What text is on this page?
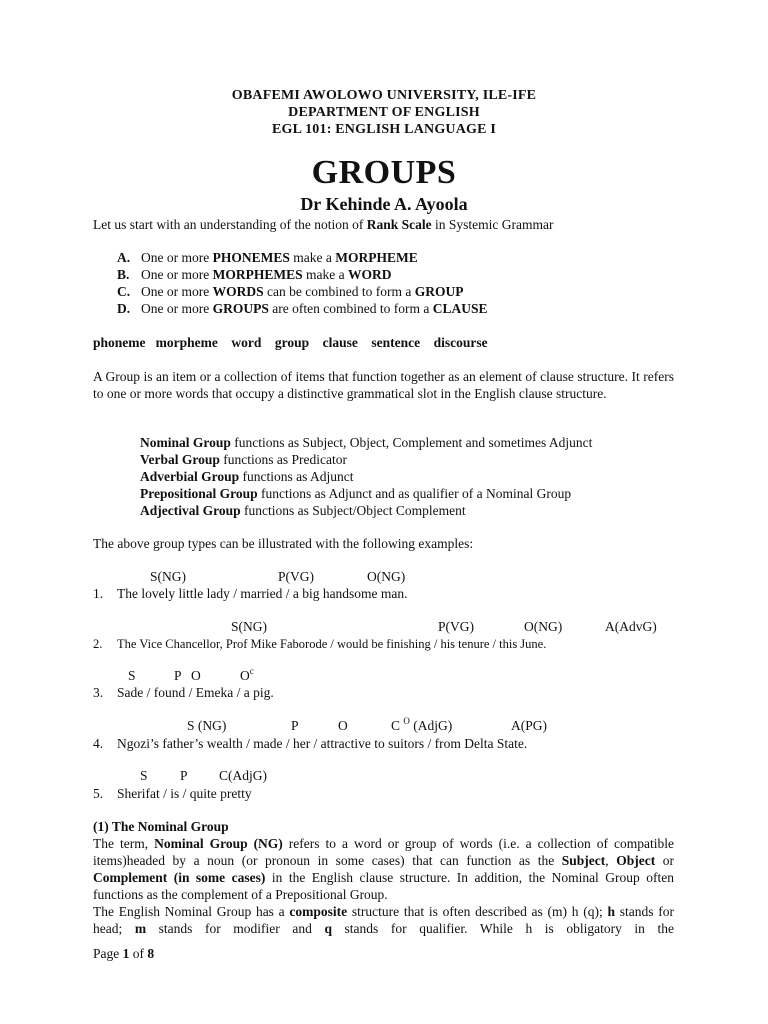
OBAFEMI AWOLOWO UNIVERSITY, ILE-IFE
DEPARTMENT OF ENGLISH
EGL 101: ENGLISH LANGUAGE I
GROUPS
Dr Kehinde A. Ayoola
Let us start with an understanding of the notion of Rank Scale in Systemic Grammar
A. One or more PHONEMES make a MORPHEME
B. One or more MORPHEMES make a WORD
C. One or more WORDS can be combined to form a GROUP
D. One or more GROUPS are often combined to form a CLAUSE
phoneme   morpheme    word    group    clause    sentence    discourse
A Group is an item or a collection of items that function together as an element of clause structure. It refers to one or more words that occupy a distinctive grammatical slot in the English clause structure.
Nominal Group functions as Subject, Object, Complement and sometimes Adjunct
Verbal Group functions as Predicator
Adverbial Group functions as Adjunct
Prepositional Group functions as Adjunct and as qualifier of a Nominal Group
Adjectival Group functions as Subject/Object Complement
The above group types can be illustrated with the following examples:
S(NG)	P(VG)	O(NG)
1. The lovely little lady / married / a big handsome man.
S(NG)	P(VG)	O(NG)	A(AdvG)
2. The Vice Chancellor, Prof Mike Faborode / would be finishing / his tenure / this June.
S	P O	$O^c$
3. Sade / found / Emeka / a pig.
S (NG)	P	O	C $^O$ (AdjG)	A(PG)
4. Ngozi’s father’s wealth / made / her / attractive to suitors / from Delta State.
S P C(AdjG)
5. Sherifat / is / quite pretty
(1) The Nominal Group
The term, Nominal Group (NG) refers to a word or group of words (i.e. a collection of compatible items)headed by a noun (or pronoun in some cases) that can function as the Subject, Object or Complement (in some cases) in the English clause structure. In addition, the Nominal Group often functions as the complement of a Prepositional Group.
The English Nominal Group has a composite structure that is often described as (m) h (q); h stands for head; m stands for modifier and q stands for qualifier. While h is obligatory in the
Page 1 of 8
